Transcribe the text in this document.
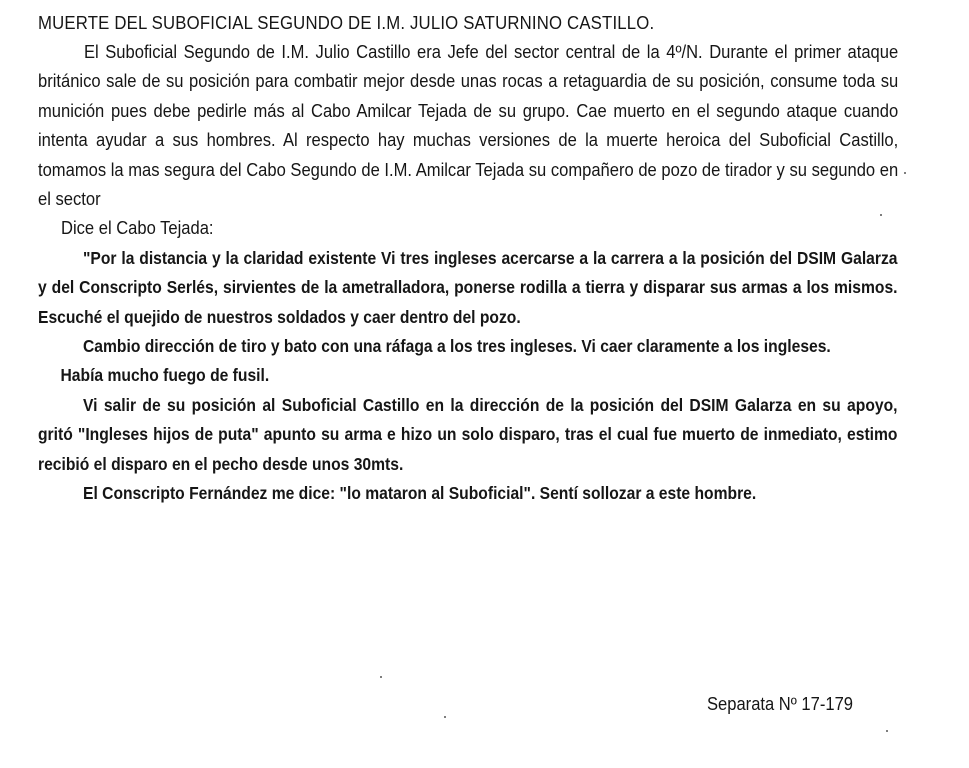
MUERTE DEL SUBOFICIAL SEGUNDO DE I.M. JULIO SATURNINO CASTILLO.

El Suboficial Segundo de I.M. Julio Castillo era Jefe del sector central de la 4º/N. Durante el primer ataque británico sale de su posición para combatir mejor desde unas rocas a retaguardia de su posición, consume toda su munición pues debe pedirle más al Cabo Amilcar Tejada de su grupo. Cae muerto en el segundo ataque cuando intenta ayudar a sus hombres. Al respecto hay muchas versiones de la muerte heroica del Suboficial Castillo, tomamos la mas segura del Cabo Segundo de I.M. Amilcar Tejada su compañero de pozo de tirador y su segundo en el sector

Dice el Cabo Tejada:

"Por la distancia y la claridad existente Vi tres ingleses acercarse a la carrera a la posición del DSIM Galarza y del Conscripto Serlés, sirvientes de la ametralladora, ponerse rodilla a tierra y disparar sus armas a los mismos. Escuché el quejido de nuestros soldados y caer dentro del pozo.

Cambio dirección de tiro y bato con una ráfaga a los tres ingleses. Vi caer claramente a los ingleses.

Había mucho fuego de fusil.

Vi salir de su posición al Suboficial Castillo en la dirección de la posición del DSIM Galarza en su apoyo, gritó "Ingleses hijos de puta" apunto su arma e hizo un solo disparo, tras el cual fue muerto de inmediato, estimo recibió el disparo en el pecho desde unos 30mts.

El Conscripto Fernández me dice: "lo mataron al Suboficial". Sentí sollozar a este hombre.

Separata Nº 17-179
